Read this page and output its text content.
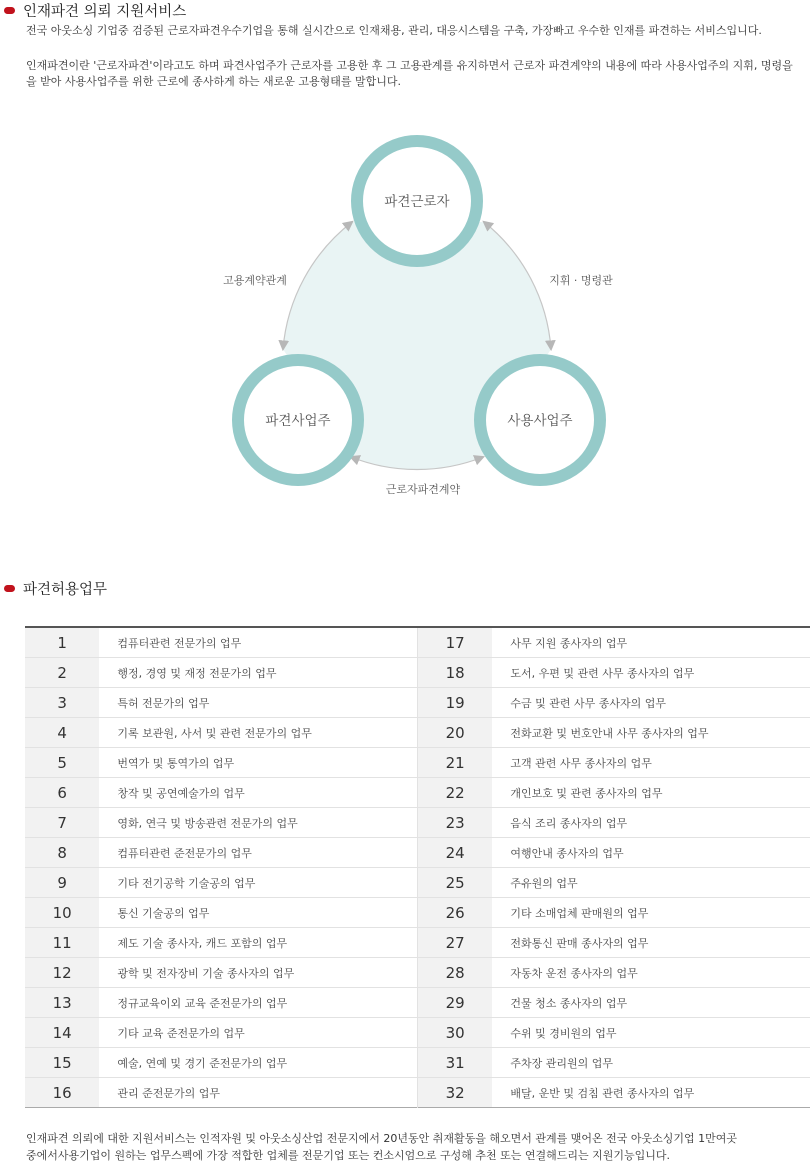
인재파견 의뢰 지원서비스
전국 아웃소싱 기업중 검증된 근로자파견우수기업을 통해 실시간으로 인재채용, 관리, 대응시스템을 구축, 가장빠고 우수한 인재를 파견하는 서비스입니다.
인재파견이란 '근로자파견'이라고도 하며 파견사업주가 근로자를 고용한 후 그 고용관계를 유지하면서 근로자 파견계약의 내용에 따라 사용사업주의 지휘, 명령을
을 받아 사용사업주를 위한 근로에 종사하게 하는 새로운 고용형태를 말합니다.
파견근로자
파견사업주	사용사업주
고용계약관계	지휘 · 명령관
근로자파견계약
파견허용업무
1	컴퓨터관련 전문가의 업무	17	사무 지원 종사자의 업무
2	행정, 경영 및 재정 전문가의 업무	18	도서, 우편 및 관련 사무 종사자의 업무
3	특허 전문가의 업무	19	수금 및 관련 사무 종사자의 업무
4	기록 보관원, 사서 및 관련 전문가의 업무	20	전화교환 및 번호안내 사무 종사자의 업무
5	번역가 및 통역가의 업무	21	고객 관련 사무 종사자의 업무
6	창작 및 공연예술가의 업무	22	개인보호 및 관련 종사자의 업무
7	영화, 연극 및 방송관련 전문가의 업무	23	음식 조리 종사자의 업무
8	컴퓨터관련 준전문가의 업무	24	여행안내 종사자의 업무
9	기타 전기공학 기술공의 업무	25	주유원의 업무
10	통신 기술공의 업무	26	기타 소매업체 판매원의 업무
11	제도 기술 종사자, 캐드 포함의 업무	27	전화통신 판매 종사자의 업무
12	광학 및 전자장비 기술 종사자의 업무	28	자동차 운전 종사자의 업무
13	정규교육이외 교육 준전문가의 업무	29	건물 청소 종사자의 업무
14	기타 교육 준전문가의 업무	30	수위 및 경비원의 업무
15	예술, 연예 및 경기 준전문가의 업무	31	주차장 관리원의 업무
16	관리 준전문가의 업무	32	배달, 운반 및 검침 관련 종사자의 업무
인재파견 의뢰에 대한 지원서비스는 인적자원 및 아웃소싱산업 전문지에서 20년동안 취재활동을 해오면서 관계를 맺어온 전국 아웃소싱기업 1만여곳
중에서사용기업이 원하는 업무스펙에 가장 적합한 업체를 전문기업 또는 컨소시엄으로 구성해 추천 또는 연결해드리는 지원기능입니다.
